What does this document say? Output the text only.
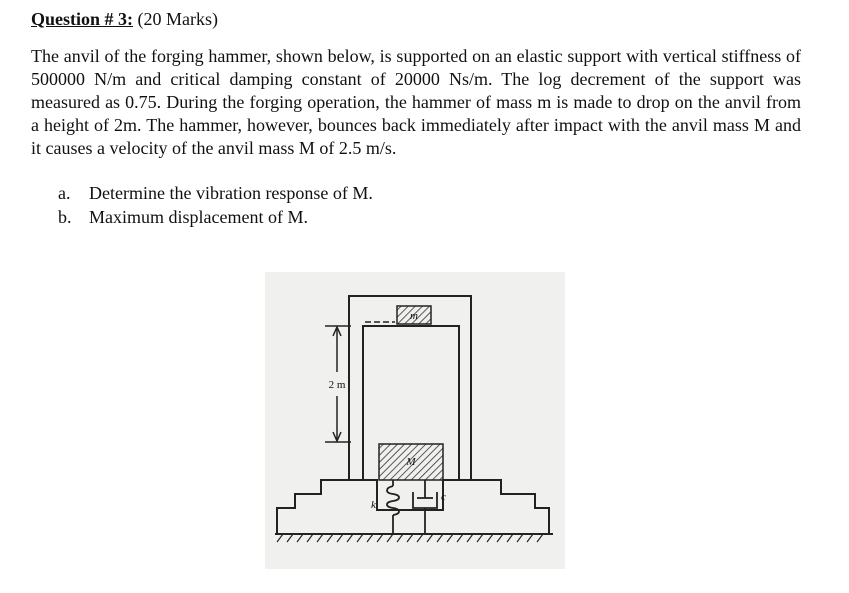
Question # 3: (20 Marks)
The anvil of the forging hammer, shown below, is supported on an elastic support with vertical stiffness of 500000 N/m and critical damping constant of 20000 Ns/m. The log decrement of the support was measured as 0.75. During the forging operation, the hammer of mass m is made to drop on the anvil from a height of 2m. The hammer, however, bounces back immediately after impact with the anvil mass M and it causes a velocity of the anvil mass M of 2.5 m/s.
a.	Determine the vibration response of M.
b. Maximum displacement of M.
m
2 m
M
k
c
